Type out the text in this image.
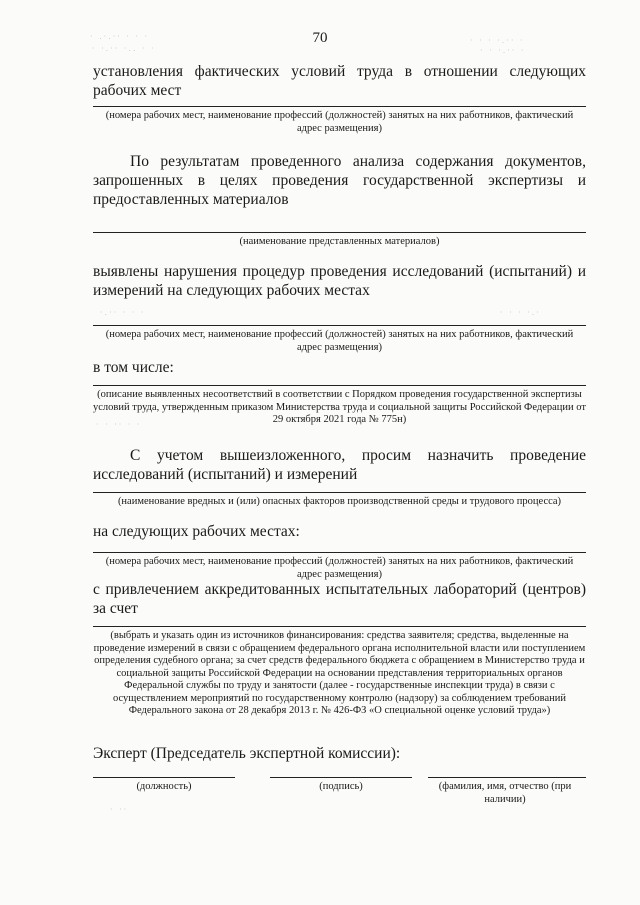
· .·.·· · · ·
· ·.·· ·.. · ·
· · · ·.·· ·
· · ·.·· ·
·.·· · · ·	· · · ·.·
· · ·· · ·
· ··
70

установления фактических условий труда в отношении следующих рабочих мест

(номера рабочих мест, наименование профессий (должностей) занятых на них работников, фактический адрес размещения)

По результатам проведенного анализа содержания документов, запрошенных в целях проведения государственной экспертизы и предоставленных материалов

(наименование представленных материалов)

выявлены нарушения процедур проведения исследований (испытаний) и измерений на следующих рабочих местах

(номера рабочих мест, наименование профессий (должностей) занятых на них работников, фактический адрес размещения)

в том числе:

(описание выявленных несоответствий в соответствии с Порядком проведения государственной экспертизы условий труда, утвержденным приказом Министерства труда и социальной защиты Российской Федерации от 29 октября 2021 года № 775н)

С учетом вышеизложенного, просим назначить проведение исследований (испытаний) и измерений

(наименование вредных и (или) опасных факторов производственной среды и трудового процесса)

на следующих рабочих местах:

(номера рабочих мест, наименование профессий (должностей) занятых на них работников, фактический адрес размещения)

с привлечением аккредитованных испытательных лабораторий (центров) за счет

(выбрать и указать один из источников финансирования: средства заявителя; средства, выделенные на проведение измерений в связи с обращением федерального органа исполнительной власти или поступлением определения судебного органа; за счет средств федерального бюджета с обращением в Министерство труда и социальной защиты Российской Федерации на основании представления территориальных органов Федеральной службы по труду и занятости (далее - государственные инспекции труда) в связи с осуществлением мероприятий по государственному контролю (надзору) за соблюдением требований Федерального закона от 28 декабря 2013 г. № 426-ФЗ «О специальной оценке условий труда»)

Эксперт (Председатель экспертной комиссии):

(должность)	(подпись)	(фамилия, имя, отчество (при наличии)
